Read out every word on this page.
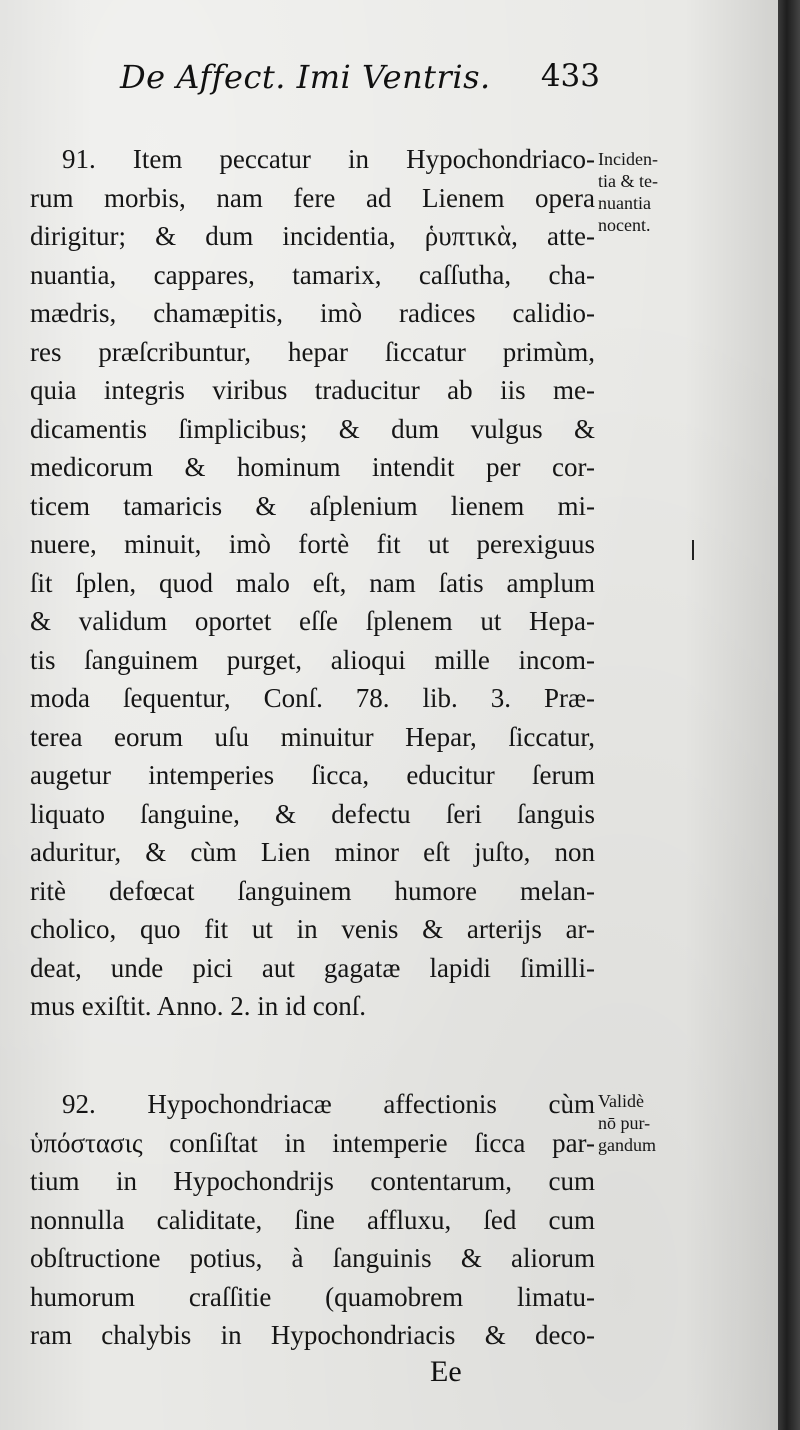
De Affect. Imi Ventris. 433
91. Item peccatur in Hypochondriaco-
rum morbis, nam fere ad Lienem opera
dirigitur; & dum incidentia, ῥυπτικὰ, atte-
nuantia, cappares, tamarix, caſſutha, cha-
mædris, chamæpitis, imò radices calidio-
res præſcribuntur, hepar ſiccatur primùm,
quia integris viribus traducitur ab iis me-
dicamentis ſimplicibus; & dum vulgus &
medicorum & hominum intendit per cor-
ticem tamaricis & aſplenium lienem mi-
nuere, minuit, imò fortè fit ut perexiguus
ſit ſplen, quod malo eſt, nam ſatis amplum
& validum oportet eſſe ſplenem ut Hepa-
tis ſanguinem purget, alioqui mille incom-
moda ſequentur, Conſ. 78. lib. 3. Præ-
terea eorum uſu minuitur Hepar, ſiccatur,
augetur intemperies ſicca, educitur ſerum
liquato ſanguine, & defectu ſeri ſanguis
aduritur, & cùm Lien minor eſt juſto, non
ritè defœcat ſanguinem humore melan-
cholico, quo fit ut in venis & arterijs ar-
deat, unde pici aut gagatæ lapidi ſimilli-
mus exiſtit. Anno. 2. in id conſ.
Inciden-
tia & te-
nuantia
nocent.
92. Hypochondriacæ affectionis cùm
ὑπόστασις conſiſtat in intemperie ſicca par-
tium in Hypochondrijs contentarum, cum
nonnulla caliditate, ſine affluxu, ſed cum
obſtructione potius, à ſanguinis & aliorum
humorum craſſitie (quamobrem limatu-
ram chalybis in Hypochondriacis & deco-
Validè
nō pur-
gandum
Ee
